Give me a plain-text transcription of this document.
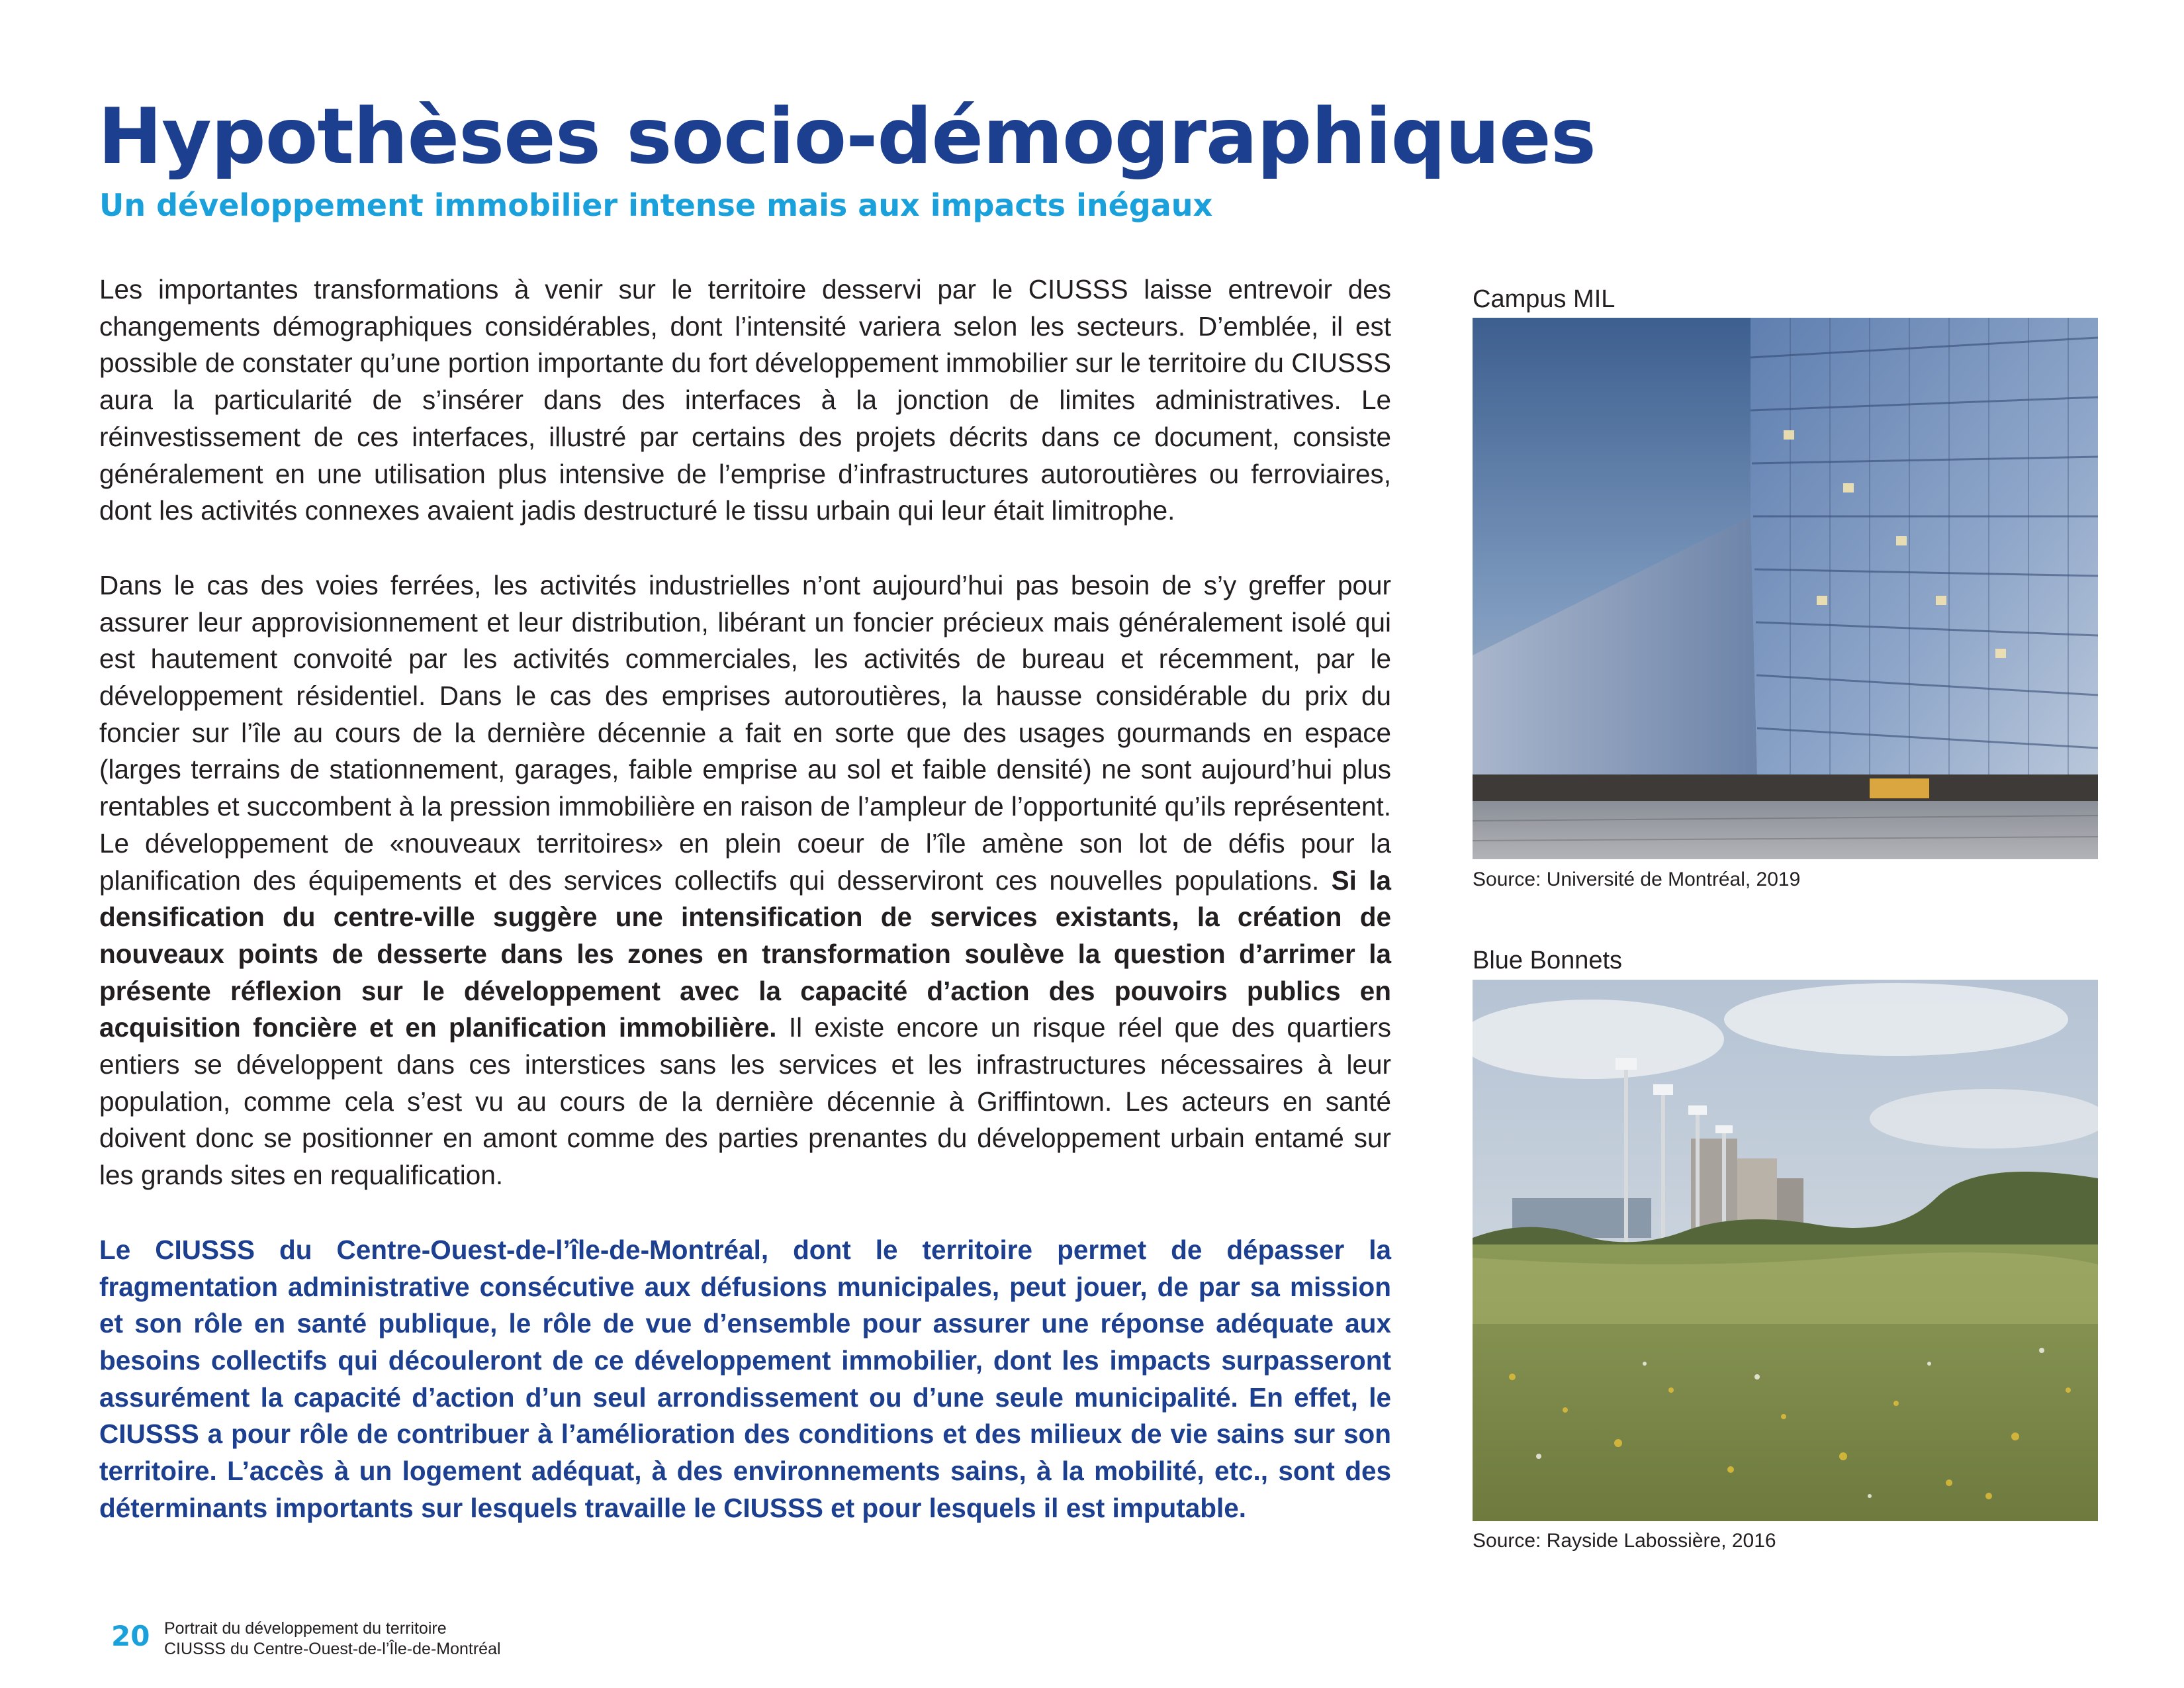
Hypothèses socio-démographiques
Un développement immobilier intense mais aux impacts inégaux

Les importantes transformations à venir sur le territoire desservi par le CIUSSS laisse entrevoir des changements démographiques considérables, dont l’intensité variera selon les secteurs. D’emblée, il est possible de constater qu’une portion importante du fort développement immobilier sur le territoire du CIUSSS aura la particularité de s’insérer dans des interfaces à la jonction de limites administratives. Le réinvestissement de ces interfaces, illustré par certains des projets décrits dans ce document, consiste généralement en une utilisation plus intensive de l’emprise d’infrastructures autoroutières ou ferroviaires, dont les activités connexes avaient jadis destructuré le tissu urbain qui leur était limitrophe.

Dans le cas des voies ferrées, les activités industrielles n’ont aujourd’hui pas besoin de s’y greffer pour assurer leur approvisionnement et leur distribution, libérant un foncier précieux mais généralement isolé qui est hautement convoité par les activités commerciales, les activités de bureau et récemment, par le développement résidentiel. Dans le cas des emprises autoroutières, la hausse considérable du prix du foncier sur l’île au cours de la dernière décennie a fait en sorte que des usages gourmands en espace (larges terrains de stationnement, garages, faible emprise au sol et faible densité) ne sont aujourd’hui plus rentables et succombent à la pression immobilière en raison de l’ampleur de l’opportunité qu’ils représentent. Le développement de «nouveaux territoires» en plein coeur de l’île amène son lot de défis pour la planification des équipements et des services collectifs qui desserviront ces nouvelles populations. Si la densification du centre-ville suggère une intensification de services existants, la création de nouveaux points de desserte dans les zones en transformation soulève la question d’arrimer la présente réflexion sur le développement avec la capacité d’action des pouvoirs publics en acquisition foncière et en planification immobilière. Il existe encore un risque réel que des quartiers entiers se développent dans ces interstices sans les services et les infrastructures nécessaires à leur population, comme cela s’est vu au cours de la dernière décennie à Griffintown. Les acteurs en santé doivent donc se positionner en amont comme des parties prenantes du développement urbain entamé sur les grands sites en requalification.

Le CIUSSS du Centre-Ouest-de-l’île-de-Montréal, dont le territoire permet de dépasser la fragmentation administrative consécutive aux défusions municipales, peut jouer, de par sa mission et son rôle en santé publique, le rôle de vue d’ensemble pour assurer une réponse adéquate aux besoins collectifs qui découleront de ce développement immobilier, dont les impacts surpasseront assurément la capacité d’action d’un seul arrondissement ou d’une seule municipalité. En effet, le CIUSSS a pour rôle de contribuer à l’amélioration des conditions et des milieux de vie sains sur son territoire. L’accès à un logement adéquat, à des environnements sains, à la mobilité, etc., sont des déterminants importants sur lesquels travaille le CIUSSS et pour lesquels il est imputable.

Campus MIL

Source: Université de Montréal, 2019

Blue Bonnets

Source: Rayside Labossière, 2016

20 Portrait du développement du territoire
CIUSSS du Centre-Ouest-de-l’Île-de-Montréal
